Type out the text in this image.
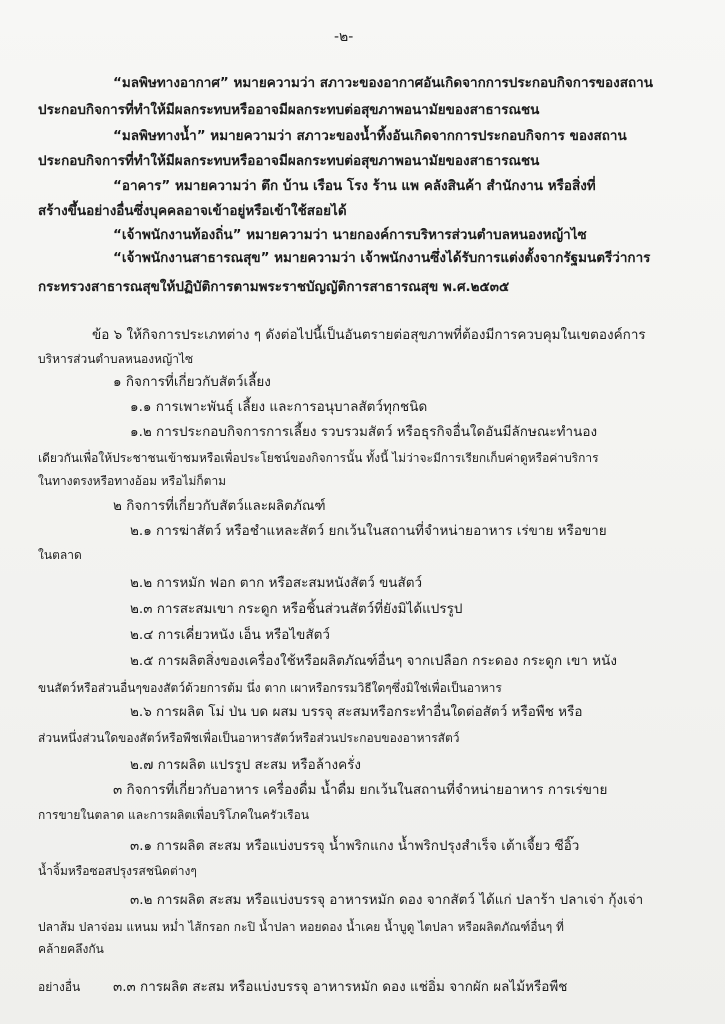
-๒-
“มลพิษทางอากาศ” หมายความว่า สภาวะของอากาศอันเกิดจากการประกอบกิจการของสถาน
ประกอบกิจการที่ทำให้มีผลกระทบหรืออาจมีผลกระทบต่อสุขภาพอนามัยของสาธารณชน
“มลพิษทางน้ำ” หมายความว่า สภาวะของน้ำทิ้งอันเกิดจากการประกอบกิจการ ของสถาน
ประกอบกิจการที่ทำให้มีผลกระทบหรืออาจมีผลกระทบต่อสุขภาพอนามัยของสาธารณชน
“อาคาร” หมายความว่า ตึก บ้าน เรือน โรง ร้าน แพ คลังสินค้า สำนักงาน หรือสิ่งที่
สร้างขึ้นอย่างอื่นซึ่งบุคคลอาจเข้าอยู่หรือเข้าใช้สอยได้
“เจ้าพนักงานท้องถิ่น” หมายความว่า นายกองค์การบริหารส่วนตำบลหนองหญ้าไซ
“เจ้าพนักงานสาธารณสุข” หมายความว่า เจ้าพนักงานซึ่งได้รับการแต่งตั้งจากรัฐมนตรีว่าการ
กระทรวงสาธารณสุขให้ปฏิบัติการตามพระราชบัญญัติการสาธารณสุข พ.ศ.๒๕๓๕
ข้อ ๖ ให้กิจการประเภทต่าง ๆ ดังต่อไปนี้เป็นอันตรายต่อสุขภาพที่ต้องมีการควบคุมในเขตองค์การ
บริหารส่วนตำบลหนองหญ้าไซ
๑ กิจการที่เกี่ยวกับสัตว์เลี้ยง
๑.๑ การเพาะพันธุ์ เลี้ยง และการอนุบาลสัตว์ทุกชนิด
๑.๒ การประกอบกิจการการเลี้ยง รวบรวมสัตว์ หรือธุรกิจอื่นใดอันมีลักษณะทำนอง
เดียวกันเพื่อให้ประชาชนเข้าชมหรือเพื่อประโยชน์ของกิจการนั้น ทั้งนี้ ไม่ว่าจะมีการเรียกเก็บค่าดูหรือค่าบริการ
ในทางตรงหรือทางอ้อม หรือไม่ก็ตาม
๒ กิจการที่เกี่ยวกับสัตว์และผลิตภัณฑ์
๒.๑ การฆ่าสัตว์ หรือชำแหละสัตว์ ยกเว้นในสถานที่จำหน่ายอาหาร เร่ขาย หรือขาย
ในตลาด
๒.๒ การหมัก ฟอก ตาก หรือสะสมหนังสัตว์ ขนสัตว์
๒.๓ การสะสมเขา กระดูก หรือชิ้นส่วนสัตว์ที่ยังมิได้แปรรูป
๒.๔ การเคี่ยวหนัง เอ็น หรือไขสัตว์
๒.๕ การผลิตสิ่งของเครื่องใช้หรือผลิตภัณฑ์อื่นๆ จากเปลือก กระดอง กระดูก เขา หนัง
ขนสัตว์หรือส่วนอื่นๆของสัตว์ด้วยการต้ม นึ่ง ตาก เผาหรือกรรมวิธีใดๆซึ่งมิใช่เพื่อเป็นอาหาร
๒.๖ การผลิต โม่ ป่น บด ผสม บรรจุ สะสมหรือกระทำอื่นใดต่อสัตว์ หรือพืช หรือ
ส่วนหนึ่งส่วนใดของสัตว์หรือพืชเพื่อเป็นอาหารสัตว์หรือส่วนประกอบของอาหารสัตว์
๒.๗ การผลิต แปรรูป สะสม หรือล้างครั่ง
๓ กิจการที่เกี่ยวกับอาหาร เครื่องดื่ม น้ำดื่ม ยกเว้นในสถานที่จำหน่ายอาหาร การเร่ขาย
การขายในตลาด และการผลิตเพื่อบริโภคในครัวเรือน
๓.๑ การผลิต สะสม หรือแบ่งบรรจุ น้ำพริกแกง น้ำพริกปรุงสำเร็จ เต้าเจี้ยว ซีอิ๊ว
น้ำจิ้มหรือซอสปรุงรสชนิดต่างๆ
๓.๒ การผลิต สะสม หรือแบ่งบรรจุ อาหารหมัก ดอง จากสัตว์ ได้แก่ ปลาร้า ปลาเจ่า กุ้งเจ่า
ปลาส้ม ปลาจ่อม แหนม หม่ำ ไส้กรอก กะปิ น้ำปลา หอยดอง น้ำเคย น้ำบูดู ไตปลา หรือผลิตภัณฑ์อื่นๆ ที่
คล้ายคลึงกัน
อย่างอื่น ๓.๓ การผลิต สะสม หรือแบ่งบรรจุ อาหารหมัก ดอง แช่อิ่ม จากผัก ผลไม้หรือพืช
